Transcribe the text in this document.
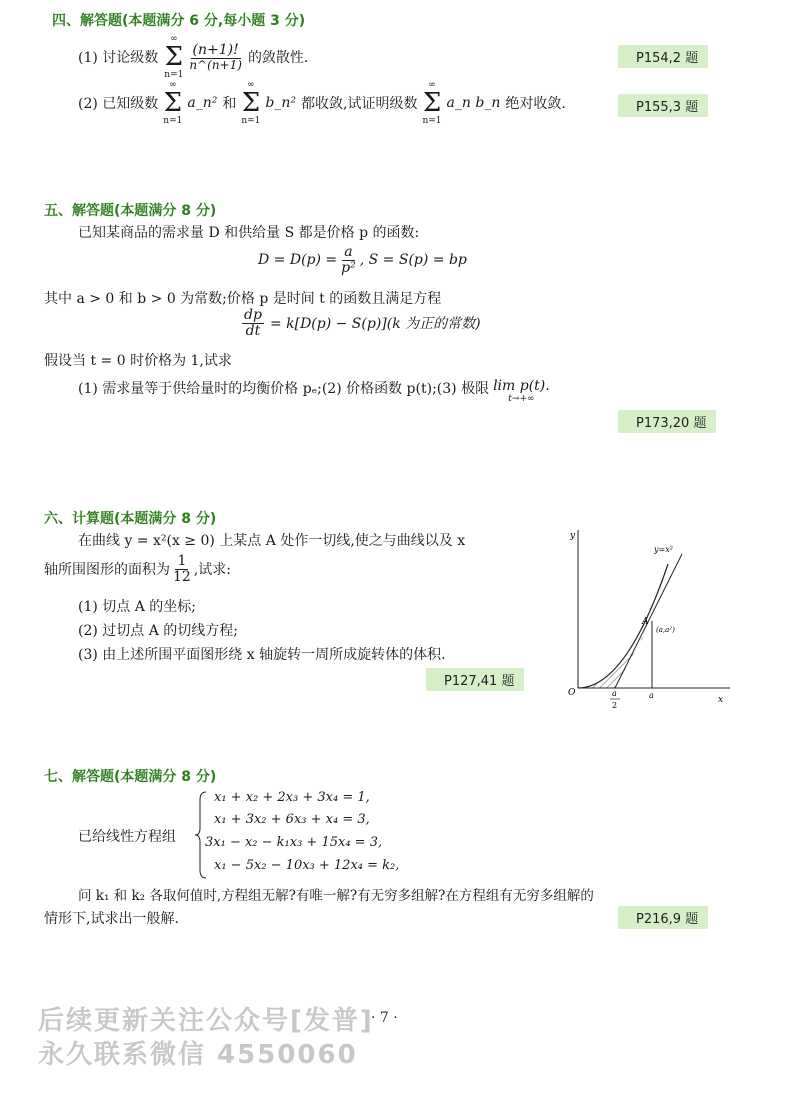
四、解答题(本题满分 6 分,每小题 3 分)
(1) 讨论级数
∞
Σ
n=1
$\frac{(n+1)!}{n\^{}(n+1)}$ 的敛散性.	P154,2 题
(2) 已知级数
∞
Σ
n=1
a_n² 和
∞
Σ
n=1
b_n² 都收敛,试证明级数
∞
Σ
n=1
a_n b_n 绝对收敛.	P155,3 题
五、解答题(本题满分 8 分)
已知某商品的需求量 D 和供给量 S 都是价格 p 的函数:
$D = D(p) = \frac{a}{\text{p²}}$ , S = S(p) = bp
其中 a > 0 和 b > 0 为常数;价格 p 是时间 t 的函数且满足方程
$\frac{dp}{dt} = k[D(p) - S(p)](k$ 为正的常数)
假设当 t = 0 时价格为 1,试求
(1) 需求量等于供给量时的均衡价格 pₑ;(2) 价格函数 p(t);(3) 极限 lim p(t).
t→+∞
P173,20 题
六、计算题(本题满分 8 分)
在曲线 y = x²(x ≥ 0) 上某点 A 处作一切线,使之与曲线以及 x
轴所围图形的面积为 $\frac{1}{12}$ ,试求:
(1) 切点 A 的坐标;
(2) 过切点 A 的切线方程;
(3) 由上述所围平面图形绕 x 轴旋转一周所成旋转体的体积.
P127,41 题
y
x
y=x²
A
(a,a²)
O	a
2
a
七、解答题(本题满分 8 分)
已给线性方程组
x₁ + x₂ + 2x₃ + 3x₄ = 1,
x₁ + 3x₂ + 6x₃ + x₄ = 3,
3x₁ − x₂ − k₁x₃ + 15x₄ = 3,
x₁ − 5x₂ − 10x₃ + 12x₄ = k₂,
问 k₁ 和 k₂ 各取何值时,方程组无解?有唯一解?有无穷多组解?在方程组有无穷多组解的
情形下,试求出一般解.	P216,9 题
· 7 ·
后续更新关注公众号[发普]
永久联系微信 4550060
